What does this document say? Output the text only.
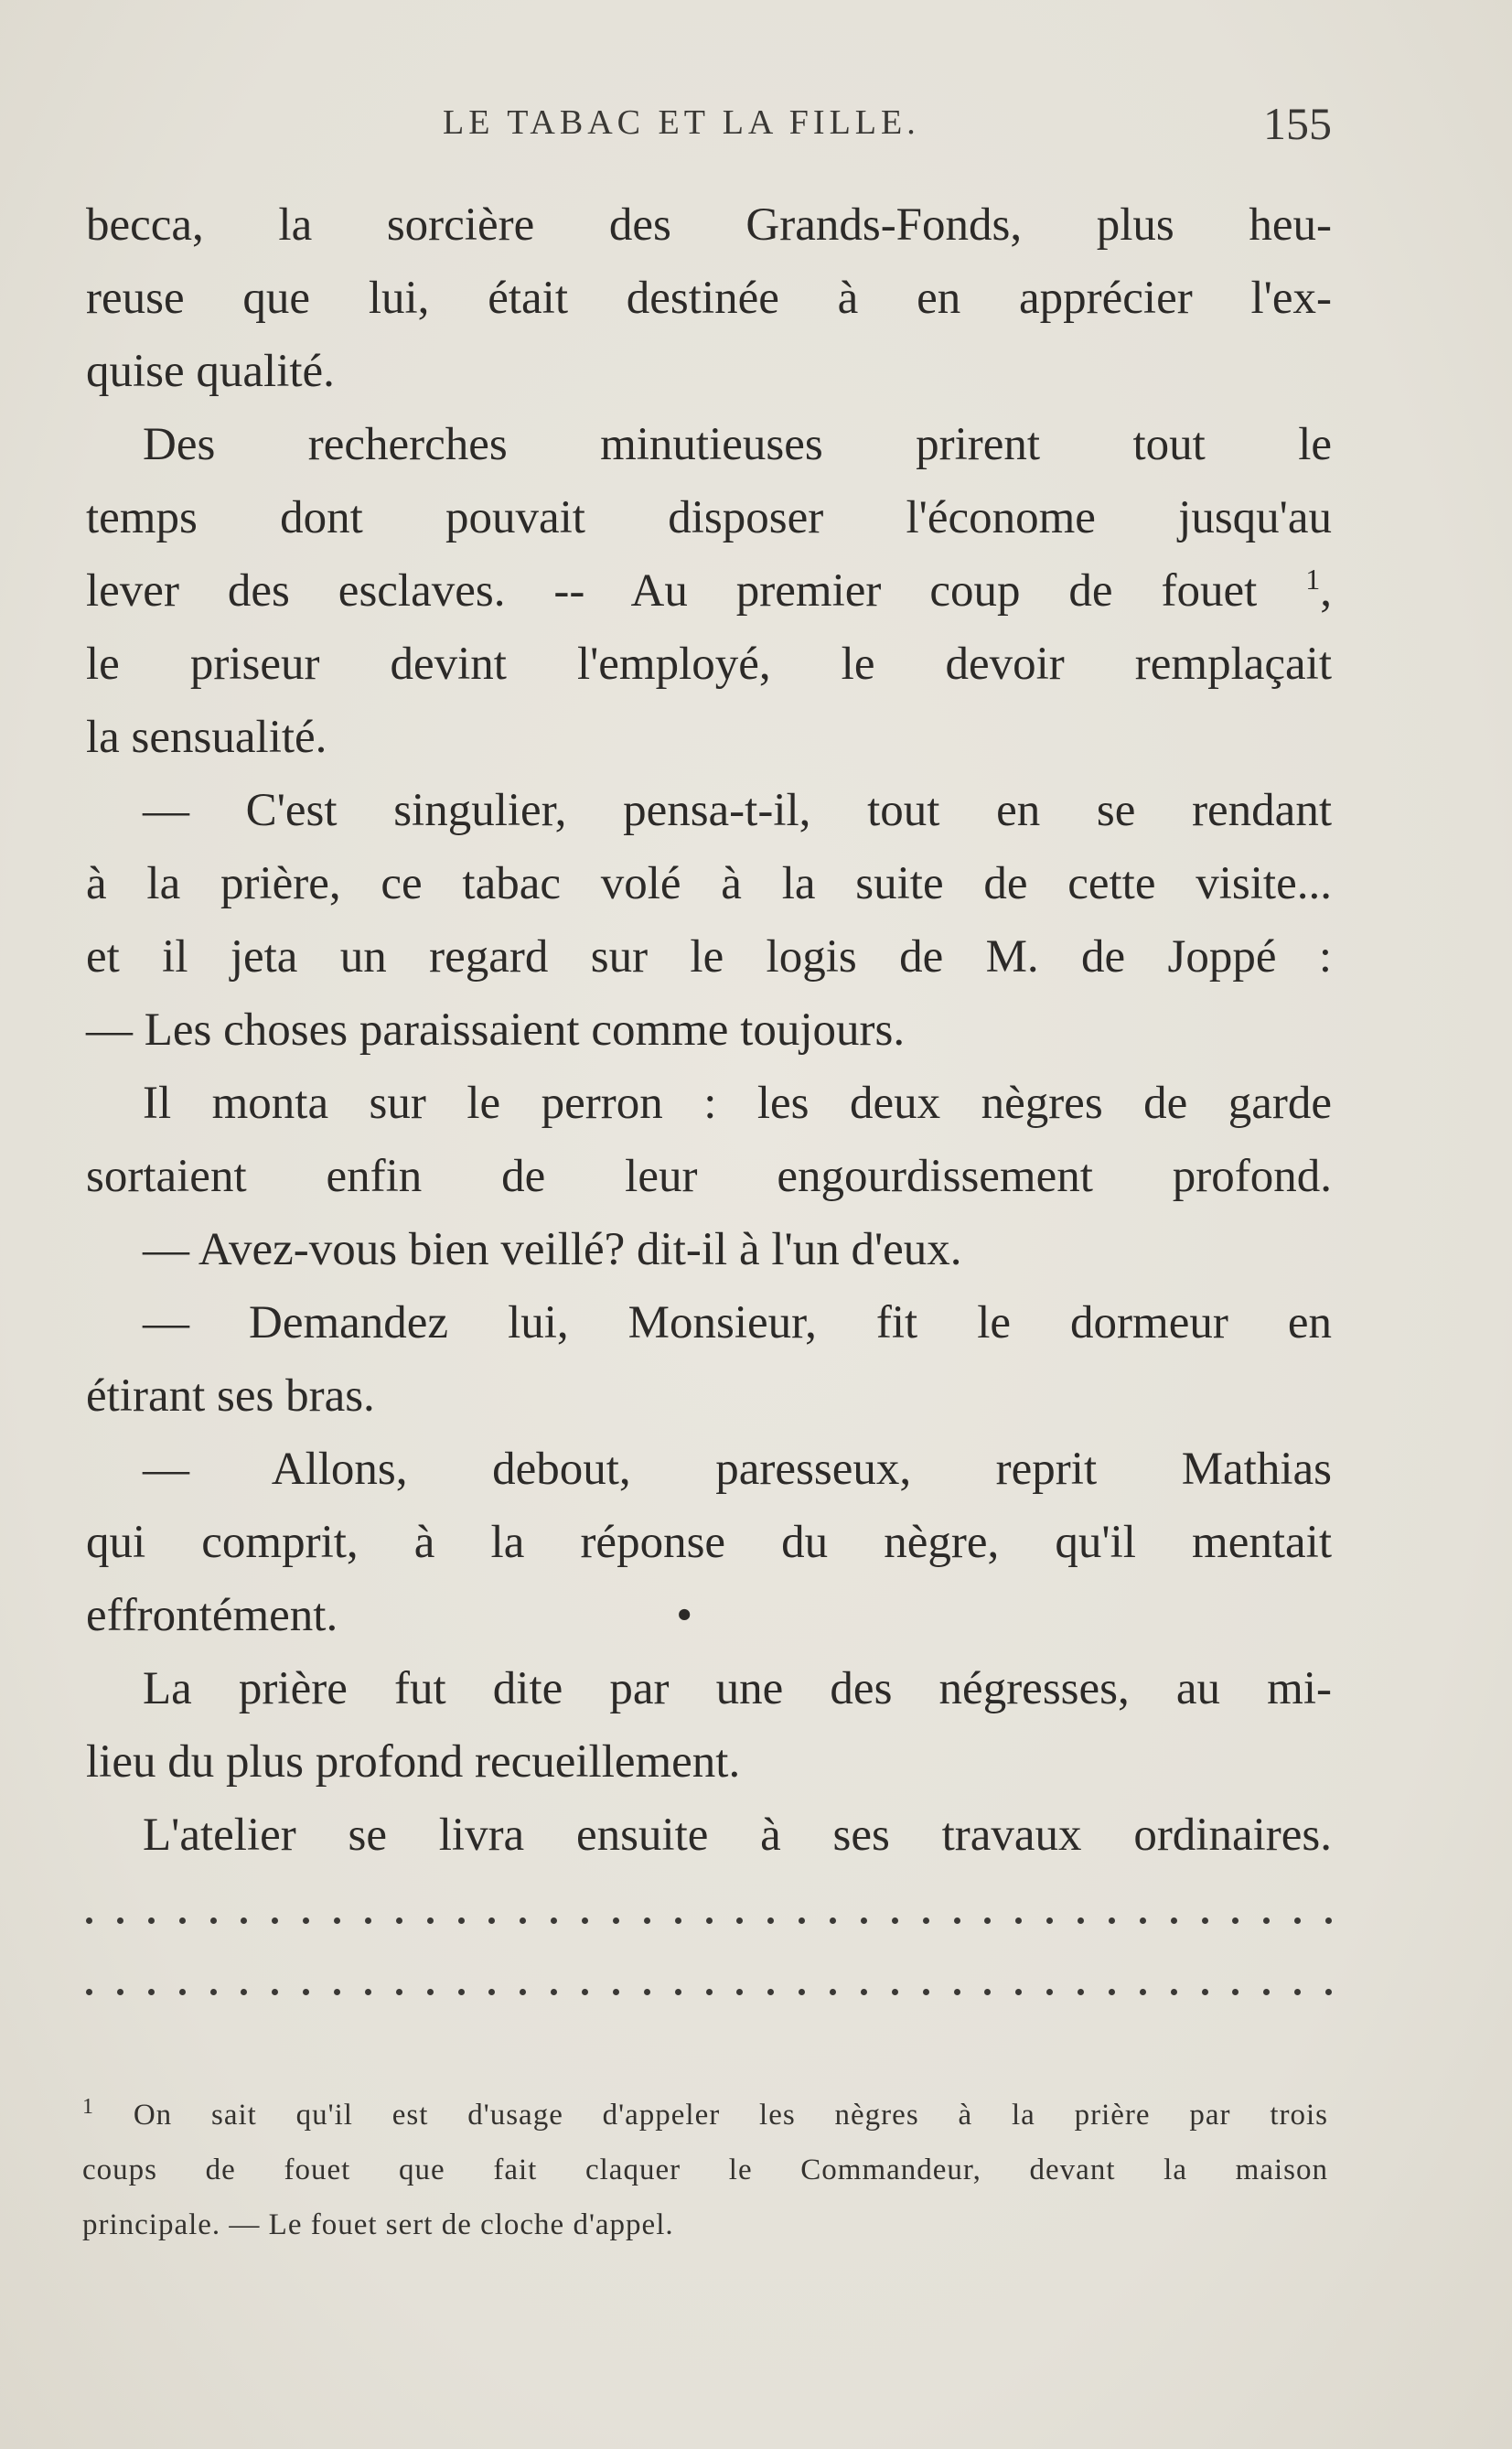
LE TABAC ET LA FILLE.	155
becca, la sorcière des Grands-Fonds, plus heu-
reuse que lui, était destinée à en apprécier l'ex-
quise qualité.
Des recherches minutieuses prirent tout le
temps dont pouvait disposer l'économe jusqu'au
lever des esclaves. -- Au premier coup de fouet $^1$,
le priseur devint l'employé, le devoir remplaçait
la sensualité.
— C'est singulier, pensa-t-il, tout en se rendant
à la prière, ce tabac volé à la suite de cette visite...
et il jeta un regard sur le logis de M. de Joppé :
— Les choses paraissaient comme toujours.
Il monta sur le perron : les deux nègres de garde
sortaient enfin de leur engourdissement profond.
— Avez-vous bien veillé? dit-il à l'un d'eux.
— Demandez lui, Monsieur, fit le dormeur en
étirant ses bras.
— Allons, debout, paresseux, reprit Mathias
qui comprit, à la réponse du nègre, qu'il mentait
effrontément.	•
La prière fut dite par une des négresses, au mi-
lieu du plus profond recueillement.
L'atelier se livra ensuite à ses travaux ordinaires.
$^1$ On sait qu'il est d'usage d'appeler les nègres à la prière par trois
coups de fouet que fait claquer le Commandeur, devant la maison
principale. — Le fouet sert de cloche d'appel.
